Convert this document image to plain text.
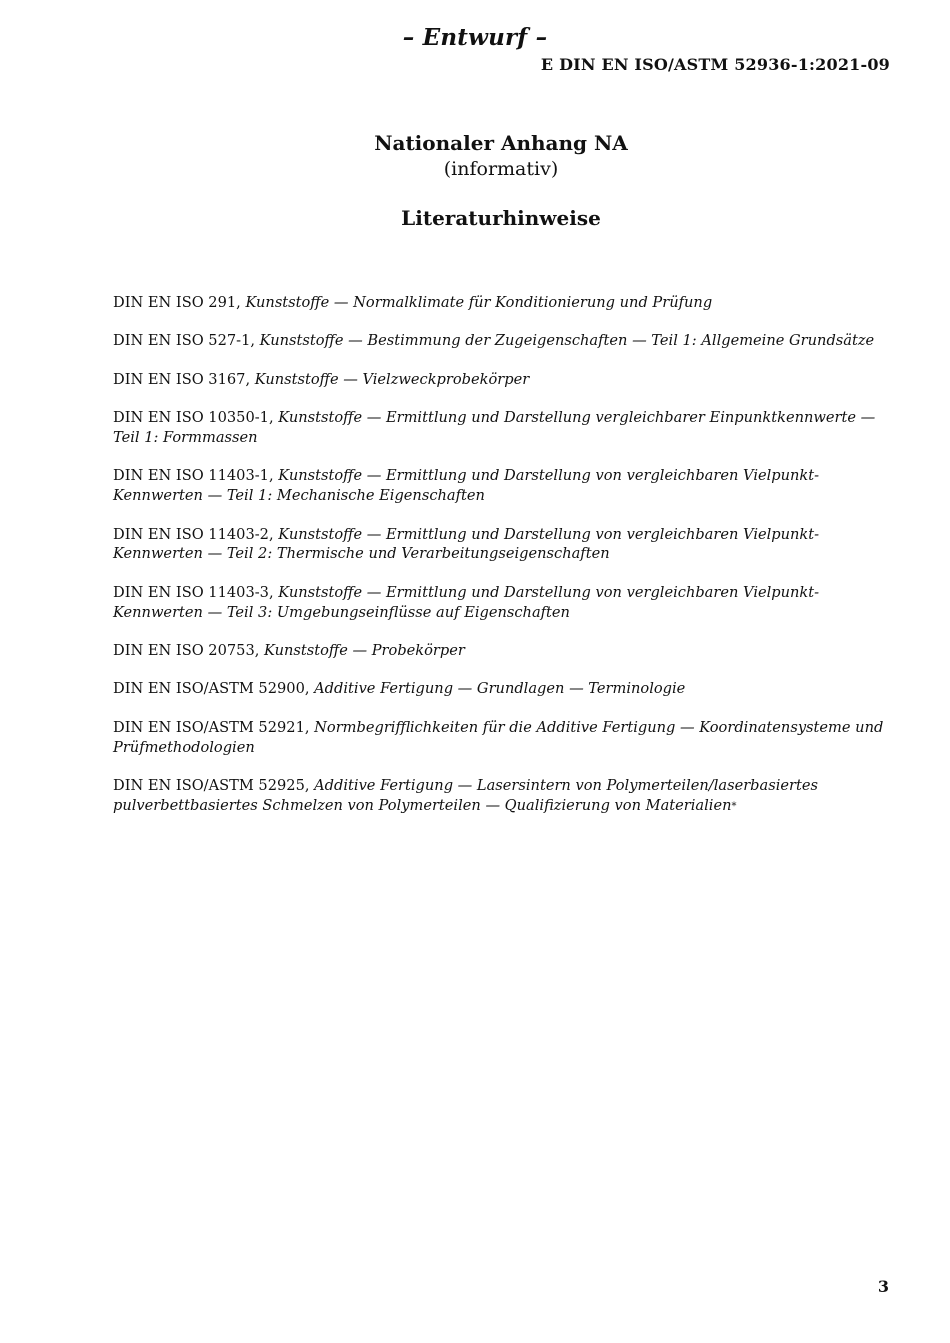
– Entwurf –
E DIN EN ISO/ASTM 52936-1:2021-09
Nationaler Anhang NA
(informativ)
Literaturhinweise
DIN EN ISO 291, Kunststoffe — Normalklimate für Konditionierung und Prüfung
DIN EN ISO 527-1, Kunststoffe — Bestimmung der Zugeigenschaften — Teil 1: Allgemeine Grundsätze
DIN EN ISO 3167, Kunststoffe — Vielzweckprobekörper
DIN EN ISO 10350-1, Kunststoffe — Ermittlung und Darstellung vergleichbarer Einpunktkennwerte — Teil 1: Formmassen
DIN EN ISO 11403-1, Kunststoffe — Ermittlung und Darstellung von vergleichbaren Vielpunkt-Kennwerten — Teil 1: Mechanische Eigenschaften
DIN EN ISO 11403-2, Kunststoffe — Ermittlung und Darstellung von vergleichbaren Vielpunkt-Kennwerten — Teil 2: Thermische und Verarbeitungseigenschaften
DIN EN ISO 11403-3, Kunststoffe — Ermittlung und Darstellung von vergleichbaren Vielpunkt-Kennwerten — Teil 3: Umgebungseinflüsse auf Eigenschaften
DIN EN ISO 20753, Kunststoffe — Probekörper
DIN EN ISO/ASTM 52900, Additive Fertigung — Grundlagen — Terminologie
DIN EN ISO/ASTM 52921, Normbegrifflichkeiten für die Additive Fertigung — Koordinatensysteme und Prüfmethodologien
DIN EN ISO/ASTM 52925, Additive Fertigung — Lasersintern von Polymerteilen/laserbasiertes pulverbettbasiertes Schmelzen von Polymerteilen — Qualifizierung von Materialien*
3
